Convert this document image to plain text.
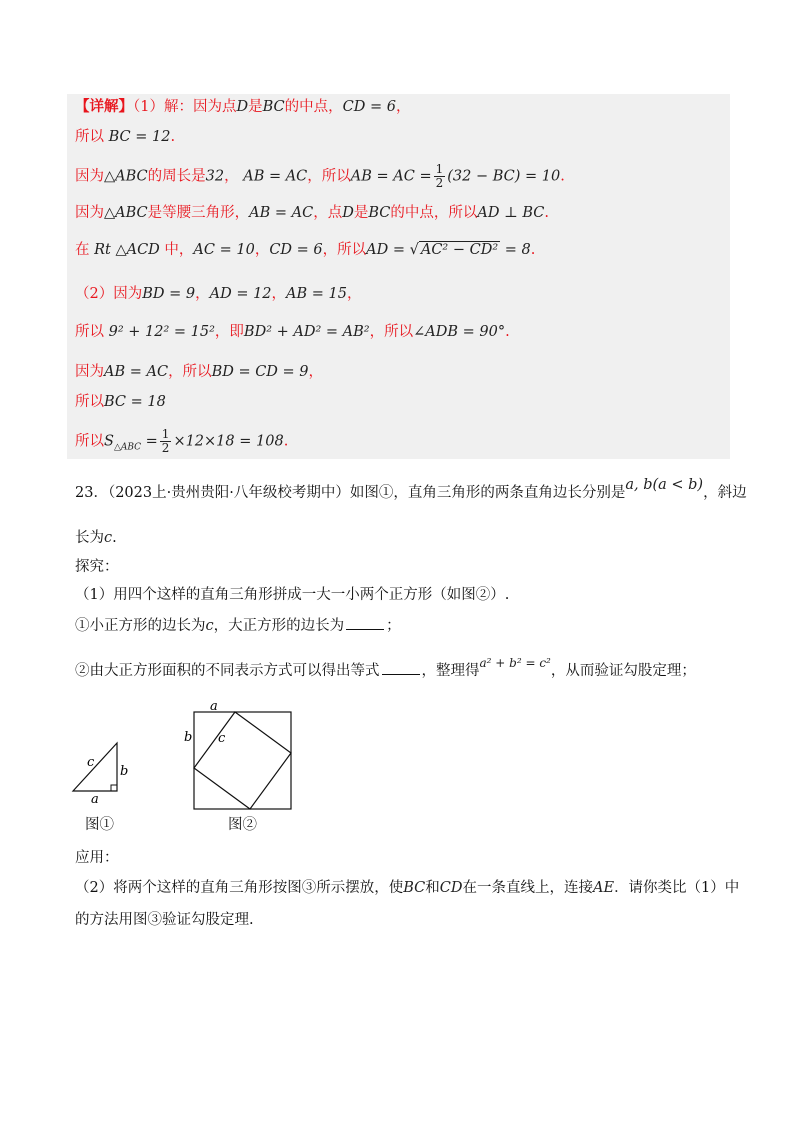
【详解】（1）解：因为点D是BC的中点，CD = 6，
所以 BC = 12.
因为△ABC的周长是32， AB = AC，所以AB = AC = $\frac{1}{2} (32 - BC) = 10$.
因为△ABC是等腰三角形，AB = AC，点D是BC的中点，所以AD ⊥ BC.
在 Rt △ACD 中，AC = 10，CD = 6，所以AD = √ AC² − CD² = 8.
（2）因为BD = 9，AD = 12，AB = 15，
所以 9² + 12² = 15²，即BD² + AD² = AB²，所以∠ADB = 90°.
因为AB = AC，所以BD = CD = 9，
所以BC = 18
所以$S_{\triangle ABC} = \frac{1}{2} \times 12\times 18 = 108$.
23．（2023上·贵州贵阳·八年级校考期中）如图①，直角三角形的两条直角边长分别是a, b(a < b)，斜边
长为c.
探究：
（1）用四个这样的直角三角形拼成一大一小两个正方形（如图②）.
①小正方形的边长为c，大正方形的边长为	；
②由大正方形面积的不同表示方式可以得出等式	，整理得$^{a^2 + b^2 = c^2}$，从而验证勾股定理；
c
b
a
图①
a
b c
图②
应用：
（2）将两个这样的直角三角形按图③所示摆放，使BC和CD在一条直线上，连接AE．请你类比（1）中
的方法用图③验证勾股定理.
